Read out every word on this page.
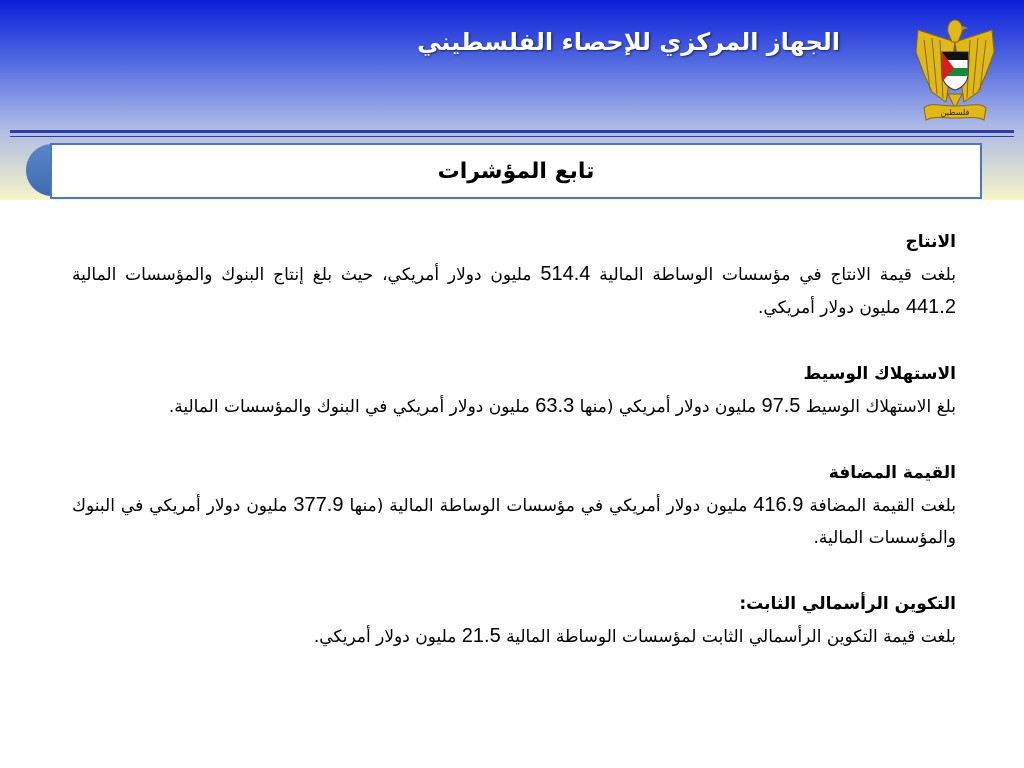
فلسطين
الجهاز المركزي للإحصاء الفلسطيني
تابع المؤشرات

الانتاج

بلغت قيمة الانتاج في مؤسسات الوساطة المالية 514.4 مليون دولار أمريكي، حيث بلغ إنتاج البنوك والمؤسسات المالية 441.2 مليون دولار أمريكي.

الاستهلاك الوسيط

بلغ الاستهلاك الوسيط 97.5 مليون دولار أمريكي (منها 63.3 مليون دولار أمريكي في البنوك والمؤسسات المالية.

القيمة المضافة

بلغت القيمة المضافة 416.9 مليون دولار أمريكي في مؤسسات الوساطة المالية (منها 377.9 مليون دولار أمريكي في البنوك والمؤسسات المالية.

التكوين الرأسمالي الثابت:

بلغت قيمة التكوين الرأسمالي الثابت لمؤسسات الوساطة المالية 21.5 مليون دولار أمريكي.
